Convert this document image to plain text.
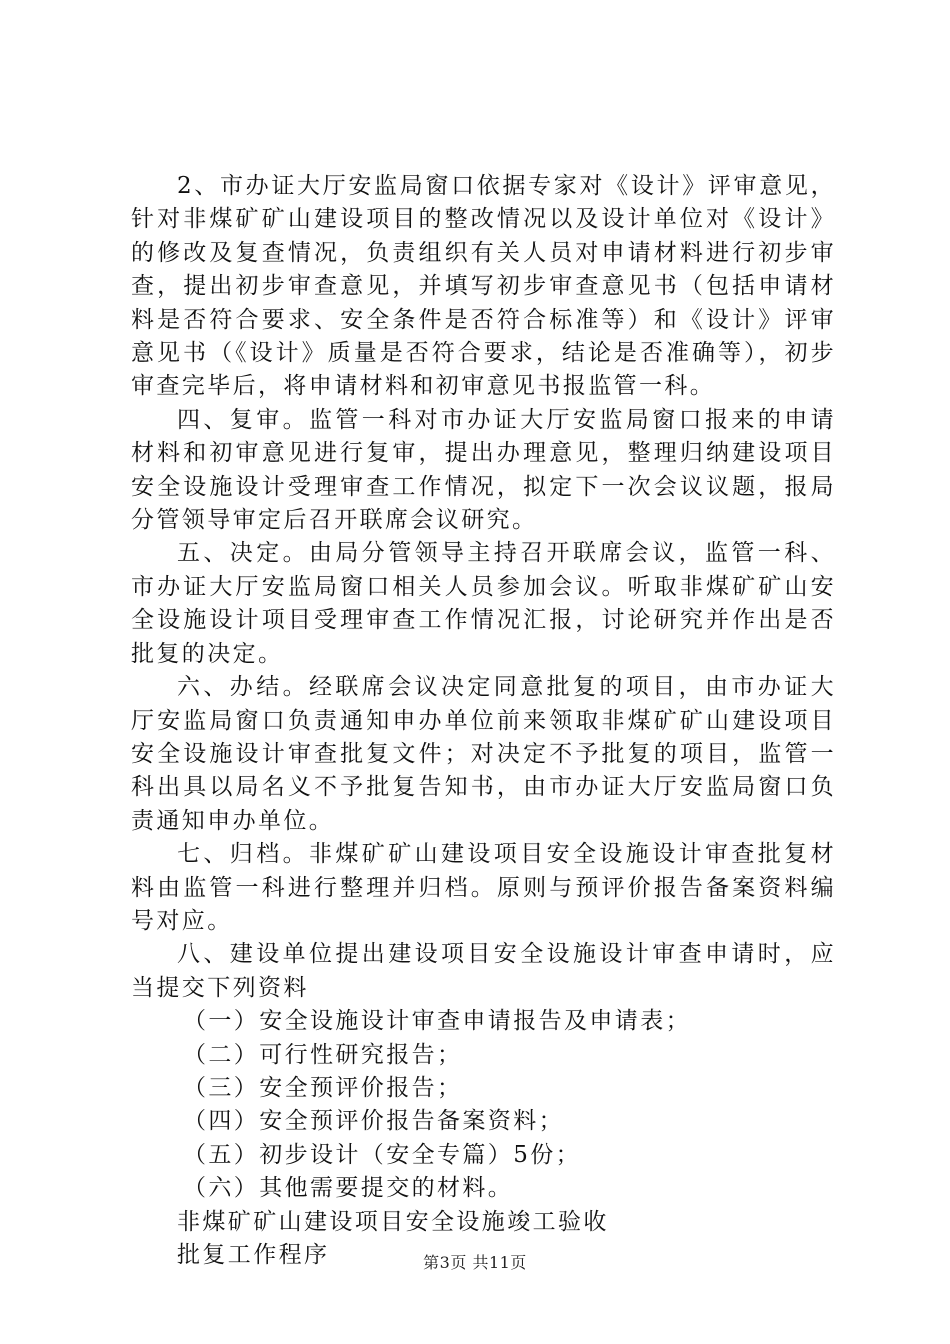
2、市办证大厅安监局窗口依据专家对《设计》评审意见，针对非煤矿矿山建设项目的整改情况以及设计单位对《设计》的修改及复查情况，负责组织有关人员对申请材料进行初步审查，提出初步审查意见，并填写初步审查意见书（包括申请材料是否符合要求、安全条件是否符合标准等）和《设计》评审意见书（《设计》质量是否符合要求，结论是否准确等），初步审查完毕后，将申请材料和初审意见书报监管一科。

四、复审。监管一科对市办证大厅安监局窗口报来的申请材料和初审意见进行复审，提出办理意见，整理归纳建设项目安全设施设计受理审查工作情况，拟定下一次会议议题，报局分管领导审定后召开联席会议研究。

五、决定。由局分管领导主持召开联席会议，监管一科、市办证大厅安监局窗口相关人员参加会议。听取非煤矿矿山安全设施设计项目受理审查工作情况汇报，讨论研究并作出是否批复的决定。

六、办结。经联席会议决定同意批复的项目，由市办证大厅安监局窗口负责通知申办单位前来领取非煤矿矿山建设项目安全设施设计审查批复文件；对决定不予批复的项目，监管一科出具以局名义不予批复告知书，由市办证大厅安监局窗口负责通知申办单位。

七、归档。非煤矿矿山建设项目安全设施设计审查批复材料由监管一科进行整理并归档。原则与预评价报告备案资料编号对应。

八、建设单位提出建设项目安全设施设计审查申请时，应当提交下列资料

（一）安全设施设计审查申请报告及申请表；

（二）可行性研究报告；

（三）安全预评价报告；

（四）安全预评价报告备案资料；

（五）初步设计（安全专篇）5份；

（六）其他需要提交的材料。

非煤矿矿山建设项目安全设施竣工验收

批复工作程序	第3页 共11页
